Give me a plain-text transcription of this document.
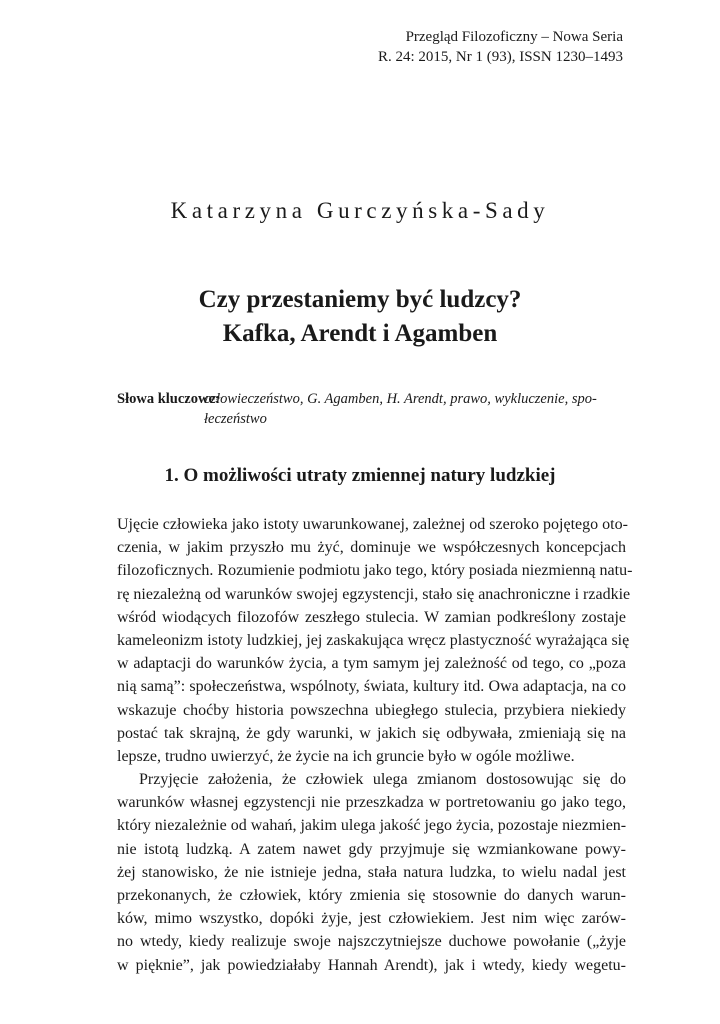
Przegląd Filozoficzny – Nowa Seria
R. 24: 2015, Nr 1 (93), ISSN 1230–1493
Katarzyna Gurczyńska-Sady
Czy przestaniemy być ludzcy?
Kafka, Arendt i Agamben
Słowa kluczowe:
człowieczeństwo, G. Agamben, H. Arendt, prawo, wykluczenie, spo-
łeczeństwo
1. O możliwości utraty zmiennej natury ludzkiej
Ujęcie człowieka jako istoty uwarunkowanej, zależnej od szeroko pojętego oto-
czenia, w jakim przyszło mu żyć, dominuje we współczesnych koncepcjach
filozoficznych. Rozumienie podmiotu jako tego, który posiada niezmienną natu-
rę niezależną od warunków swojej egzystencji, stało się anachroniczne i rzadkie
wśród wiodących filozofów zeszłego stulecia. W zamian podkreślony zostaje
kameleonizm istoty ludzkiej, jej zaskakująca wręcz plastyczność wyrażająca się
w adaptacji do warunków życia, a tym samym jej zależność od tego, co „poza
nią samą”: społeczeństwa, wspólnoty, świata, kultury itd. Owa adaptacja, na co
wskazuje choćby historia powszechna ubiegłego stulecia, przybiera niekiedy
postać tak skrajną, że gdy warunki, w jakich się odbywała, zmieniają się na
lepsze, trudno uwierzyć, że życie na ich gruncie było w ogóle możliwe.
Przyjęcie założenia, że człowiek ulega zmianom dostosowując się do
warunków własnej egzystencji nie przeszkadza w portretowaniu go jako tego,
który niezależnie od wahań, jakim ulega jakość jego życia, pozostaje niezmien-
nie istotą ludzką. A zatem nawet gdy przyjmuje się wzmiankowane powy-
żej stanowisko, że nie istnieje jedna, stała natura ludzka, to wielu nadal jest
przekonanych, że człowiek, który zmienia się stosownie do danych warun-
ków, mimo wszystko, dopóki żyje, jest człowiekiem. Jest nim więc zarów-
no wtedy, kiedy realizuje swoje najszczytniejsze duchowe powołanie („żyje
w pięknie”, jak powiedziałaby Hannah Arendt), jak i wtedy, kiedy wegetu-
